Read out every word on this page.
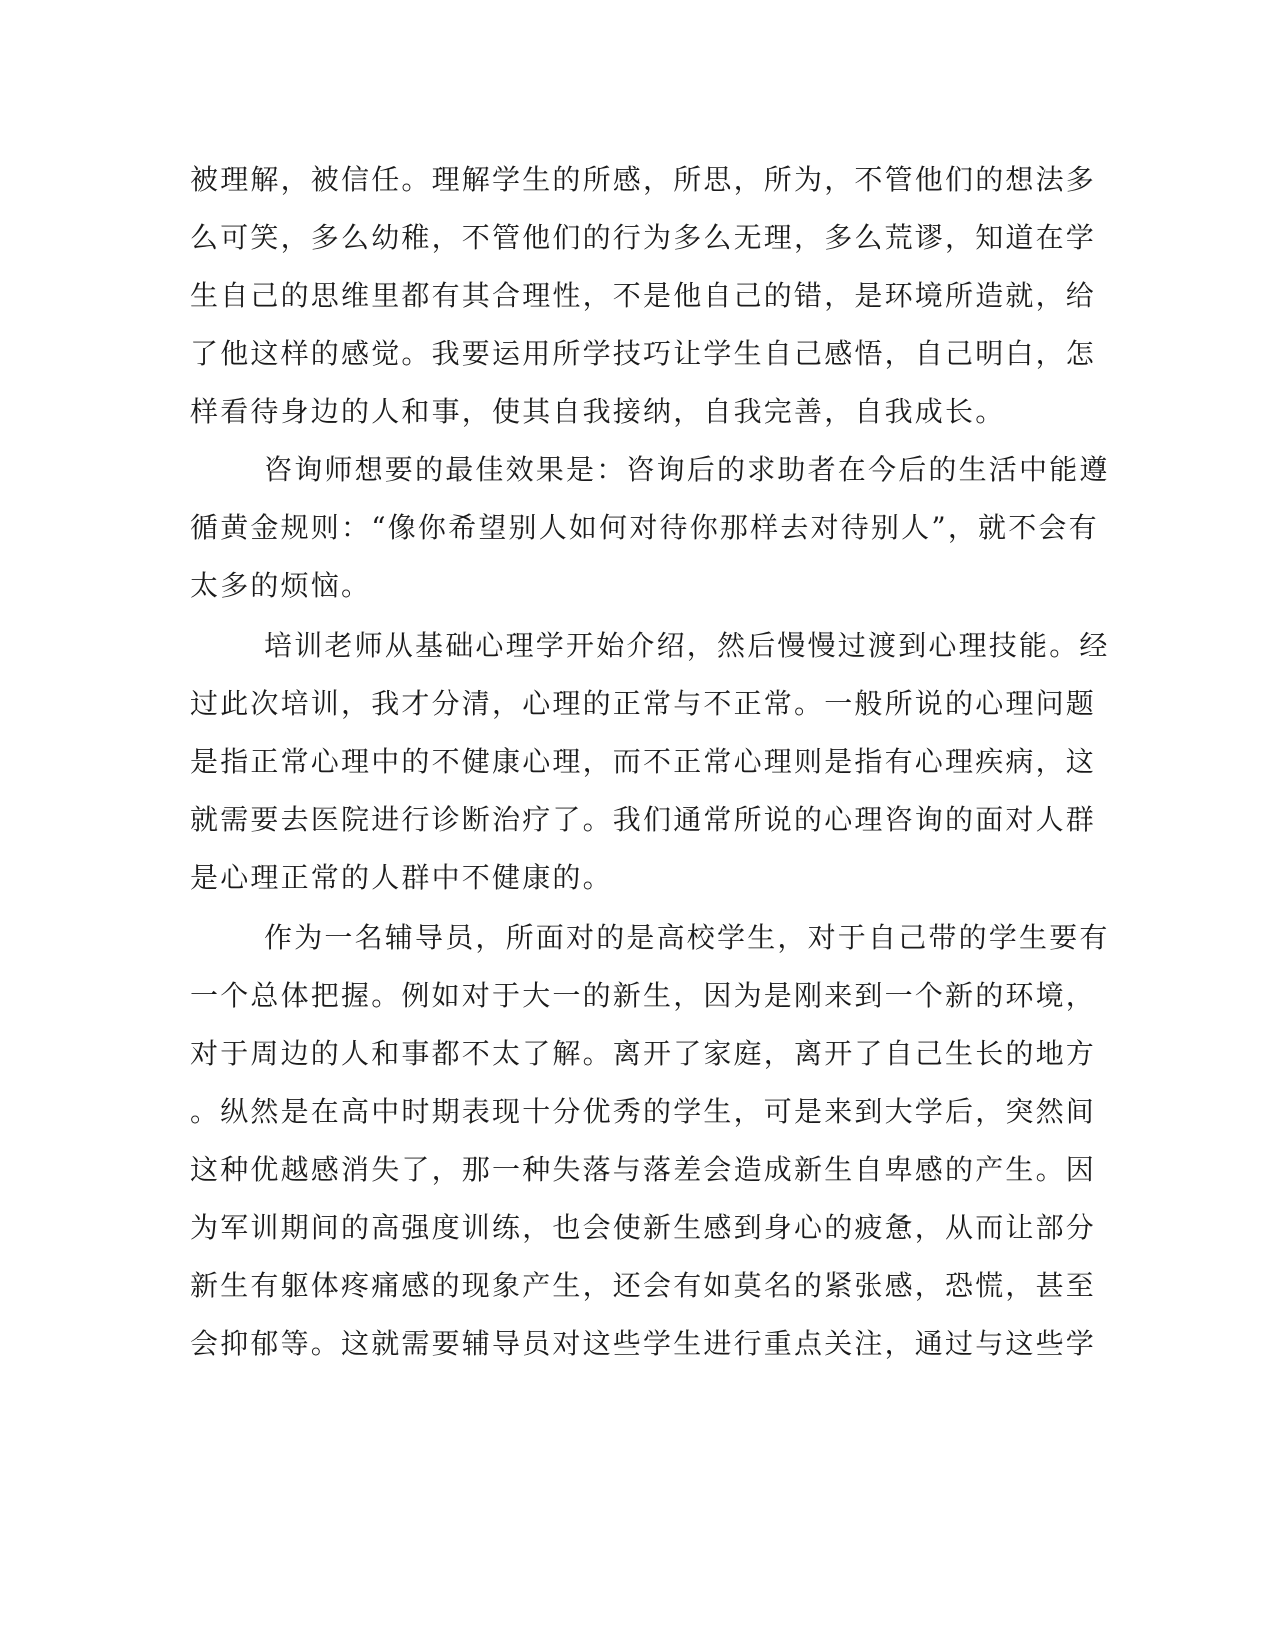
被理解，被信任。理解学生的所感，所思，所为，不管他们的想法多

么可笑，多么幼稚，不管他们的行为多么无理，多么荒谬，知道在学

生自己的思维里都有其合理性，不是他自己的错，是环境所造就，给

了他这样的感觉。我要运用所学技巧让学生自己感悟，自己明白，怎

样看待身边的人和事，使其自我接纳，自我完善，自我成长。

咨询师想要的最佳效果是：咨询后的求助者在今后的生活中能遵

循黄金规则：“像你希望别人如何对待你那样去对待别人”，就不会有

太多的烦恼。

培训老师从基础心理学开始介绍，然后慢慢过渡到心理技能。经

过此次培训，我才分清，心理的正常与不正常。一般所说的心理问题

是指正常心理中的不健康心理，而不正常心理则是指有心理疾病，这

就需要去医院进行诊断治疗了。我们通常所说的心理咨询的面对人群

是心理正常的人群中不健康的。

作为一名辅导员，所面对的是高校学生，对于自己带的学生要有

一个总体把握。例如对于大一的新生，因为是刚来到一个新的环境，

对于周边的人和事都不太了解。离开了家庭，离开了自己生长的地方

。纵然是在高中时期表现十分优秀的学生，可是来到大学后，突然间

这种优越感消失了，那一种失落与落差会造成新生自卑感的产生。因

为军训期间的高强度训练，也会使新生感到身心的疲惫，从而让部分

新生有躯体疼痛感的现象产生，还会有如莫名的紧张感，恐慌，甚至

会抑郁等。这就需要辅导员对这些学生进行重点关注，通过与这些学
